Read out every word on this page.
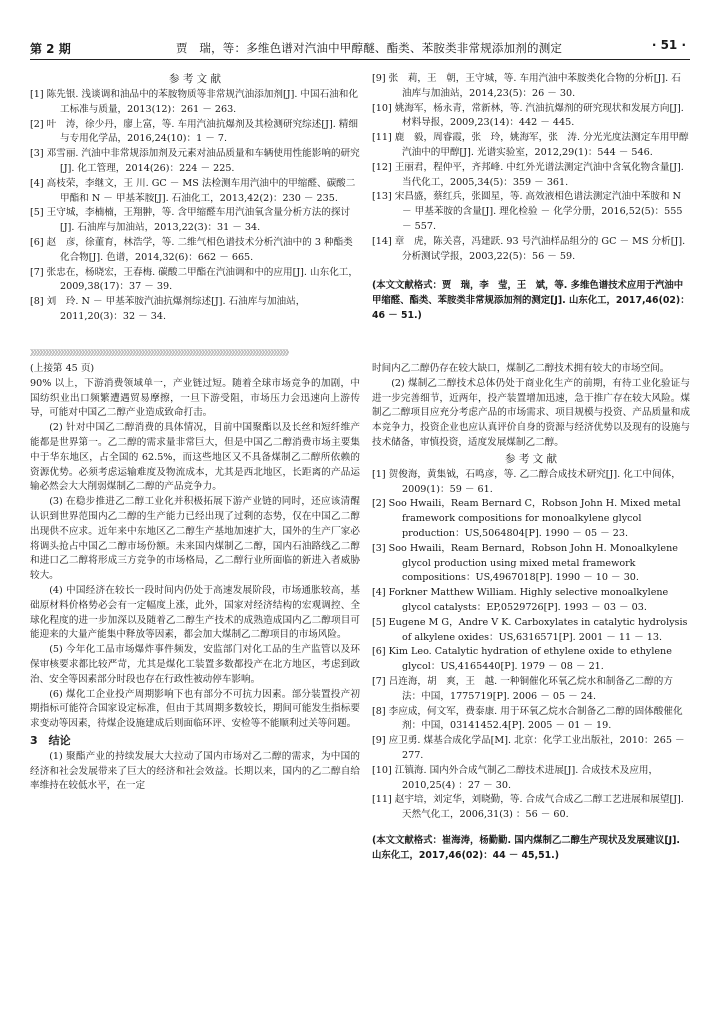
第 2 期	贾　瑞，等：多维色谱对汽油中甲醇醚、酯类、苯胺类非常规添加剂的测定	· 51 ·
参 考 文 献

[1] 陈先银. 浅谈调和油品中的苯胺物质等非常规汽油添加剂[J]. 中国石油和化工标准与质量，2013(12)：261 － 263.

[2] 叶　涛，徐少丹，廖上富，等. 车用汽油抗爆剂及其检测研究综述[J]. 精细与专用化学品，2016,24(10)：1 － 7.

[3] 邓雪丽. 汽油中非常规添加剂及元素对油品质量和车辆使用性能影响的研究[J]. 化工管理，2014(26)：224 － 225.

[4] 高枝荣，李继文，王 川. GC － MS 法检测车用汽油中的甲缩醛、碳酸二甲酯和 N － 甲基苯胺[J]. 石油化工，2013,42(2)：230 － 235.

[5] 王守城，李楠楠，王翔翀，等. 含甲缩醛车用汽油氧含量分析方法的探讨[J]. 石油库与加油站，2013,22(3)：31 － 34.

[6] 赵　彦，徐董育，林浩学，等. 二维气相色谱技术分析汽油中的 3 种酯类化合物[J]. 色谱，2014,32(6)：662 － 665.

[7] 张忠在，杨晓宏，王春梅. 碳酸二甲酯在汽油调和中的应用[J]. 山东化工，2009,38(17)：37 － 39.

[8] 刘　玲. N － 甲基苯胺汽油抗爆剂综述[J]. 石油库与加油站，2011,20(3)：32 － 34.

[9] 张　莉，王　朝，王守城，等. 车用汽油中苯胺类化合物的分析[J]. 石油库与加油站，2014,23(5)：26 － 30.

[10] 姚海军，杨永青，常新林，等. 汽油抗爆剂的研究现状和发展方向[J]. 材料导报，2009,23(14)：442 － 445.

[11] 鹿　毅，周睿霞，张　玲，姚海军，张　涛. 分光光度法测定车用甲醇汽油中的甲醇[J]. 光谱实验室，2012,29(1)：544 － 546.

[12] 王丽君，程仲平，齐邦峰. 中红外光谱法测定汽油中含氧化物含量[J]. 当代化工，2005,34(5)：359 － 361.

[13] 宋昌盛，蔡红兵，张圆星，等. 高效液相色谱法测定汽油中苯胺和 N － 甲基苯胺的含量[J]. 理化检验 － 化学分册，2016,52(5)：555 － 557.

[14] 章　虎，陈关喜，冯建跃. 93 号汽油样品组分的 GC － MS 分析[J]. 分析测试学报，2003,22(5)：56 － 59.

(本文文献格式：贾　瑞，李　莹，王　斌，等. 多维色谱技术应用于汽油中甲缩醛、酯类、苯胺类非常规添加剂的测定[J]. 山东化工，2017,46(02)：46 － 51.)

》》》》》》》》》》》》》》》》》》》》》》》》》》》》》》》》》》》》》》》》》》》》》》》》》》》》》》》》》》》》》》》》》》》》》》》》》》》》》》》》》》》》》》

(上接第 45 页)

90% 以上，下游消费领域单一，产业链过短。随着全球市场竞争的加剧，中国纺织业出口频繁遭遇贸易摩擦，一旦下游受阻，市场压力会迅速向上游传导，可能对中国乙二醇产业造成致命打击。

(2) 针对中国乙二醇消费的具体情况，目前中国聚酯以及长丝和短纤维产能都是世界第一。乙二醇的需求量非常巨大，但是中国乙二醇消费市场主要集中于华东地区，占全国的 62.5%，而这些地区又不具备煤制乙二醇所依赖的资源优势。必须考虑运输难度及物流成本，尤其是西北地区，长距离的产品运输必然会大大削弱煤制乙二醇的产品竞争力。

(3) 在稳步推进乙二醇工业化并积极拓展下游产业链的同时，还应该清醒认识到世界范围内乙二醇的生产能力已经出现了过剩的态势，仅在中国乙二醇出现供不应求。近年来中东地区乙二醇生产基地加速扩大，国外的生产厂家必将调头抢占中国乙二醇市场份额。未来国内煤制乙二醇，国内石油路线乙二醇和进口乙二醇将形成三方竞争的市场格局，乙二醇行业所面临的新进入者威胁较大。

(4) 中国经济在较长一段时间内仍处于高速发展阶段，市场通胀较高，基础原材料价格势必会有一定幅度上涨，此外，国家对经济结构的宏观调控、全球化程度的进一步加深以及随着乙二醇生产技术的成熟造成国内乙二醇项目可能迎来的大量产能集中释放等因素，都会加大煤制乙二醇项目的市场风险。

(5) 今年化工品市场爆炸事件频发，安监部门对化工品的生产监管以及环保审核要求都比较严苛，尤其是煤化工装置多数都投产在北方地区，考虑到政治、安全等因素部分时段也存在行政性被动停车影响。

(6) 煤化工企业投产周期影响下也有部分不可抗力因素。部分装置投产初期指标可能符合国家设定标准，但由于其周期多数较长，期间可能发生指标要求变动等因素，待煤企设施建成后则面临环评、安检等不能顺利过关等问题。

3　结论

(1) 聚酯产业的持续发展大大拉动了国内市场对乙二醇的需求，为中国的经济和社会发展带来了巨大的经济和社会效益。长期以来，国内的乙二醇自给率维持在较低水平，在一定

时间内乙二醇仍存在较大缺口，煤制乙二醇技术拥有较大的市场空间。

(2) 煤制乙二醇技术总体仍处于商业化生产的前期，有待工业化验证与进一步完善细节，近两年，投产装置增加迅速，急于推广存在较大风险。煤制乙二醇项目应充分考虑产品的市场需求、项目规模与投资、产品质量和成本竞争力，投资企业也应认真评价自身的资源与经济优势以及现有的设施与技术储备，审慎投资，适度发展煤制乙二醇。

参 考 文 献

[1] 贺俊海，黄集钺，石鸣彦，等. 乙二醇合成技术研究[J]. 化工中间体，2009(1)：59 － 61.

[2] Soo Hwaili，Ream Bernard C，Robson John H. Mixed metal framework compositions for monoalkylene glycol production：US,5064804[P]. 1990 － 05 － 23.

[3] Soo Hwaili，Ream Bernard，Robson John H. Monoalkylene glycol production using mixed metal framework compositions：US,4967018[P]. 1990 － 10 － 30.

[4] Forkner Matthew William. Highly selective monoalkylene glycol catalysts：EP,0529726[P]. 1993 － 03 － 03.

[5] Eugene M G，Andre V K. Carboxylates in catalytic hydrolysis of alkylene oxides：US,6316571[P]. 2001 － 11 － 13.

[6] Kim Leo. Catalytic hydration of ethylene oxide to ethylene glycol：US,4165440[P]. 1979 － 08 － 21.

[7] 吕连海，胡　爽，王　越. 一种铜催化环氧乙烷水和制备乙二醇的方法：中国，1775719[P]. 2006 － 05 － 24.

[8] 李应成，何文军，费泰康. 用于环氧乙烷水合制备乙二醇的固体酸催化剂：中国，03141452.4[P]. 2005 － 01 － 19.

[9] 应卫勇. 煤基合成化学品[M]. 北京：化学工业出版社，2010：265 － 277.

[10] 江镇海. 国内外合成气制乙二醇技术进展[J]. 合成技术及应用，2010,25(4) ：27 － 30.

[11] 赵宇培，刘定华，刘晓勤，等. 合成气合成乙二醇工艺进展和展望[J]. 天然气化工，2006,31(3) ：56 － 60.

(本文文献格式：崔海涛，杨勤勤. 国内煤制乙二醇生产现状及发展建议[J]. 山东化工，2017,46(02)：44 － 45,51.)
